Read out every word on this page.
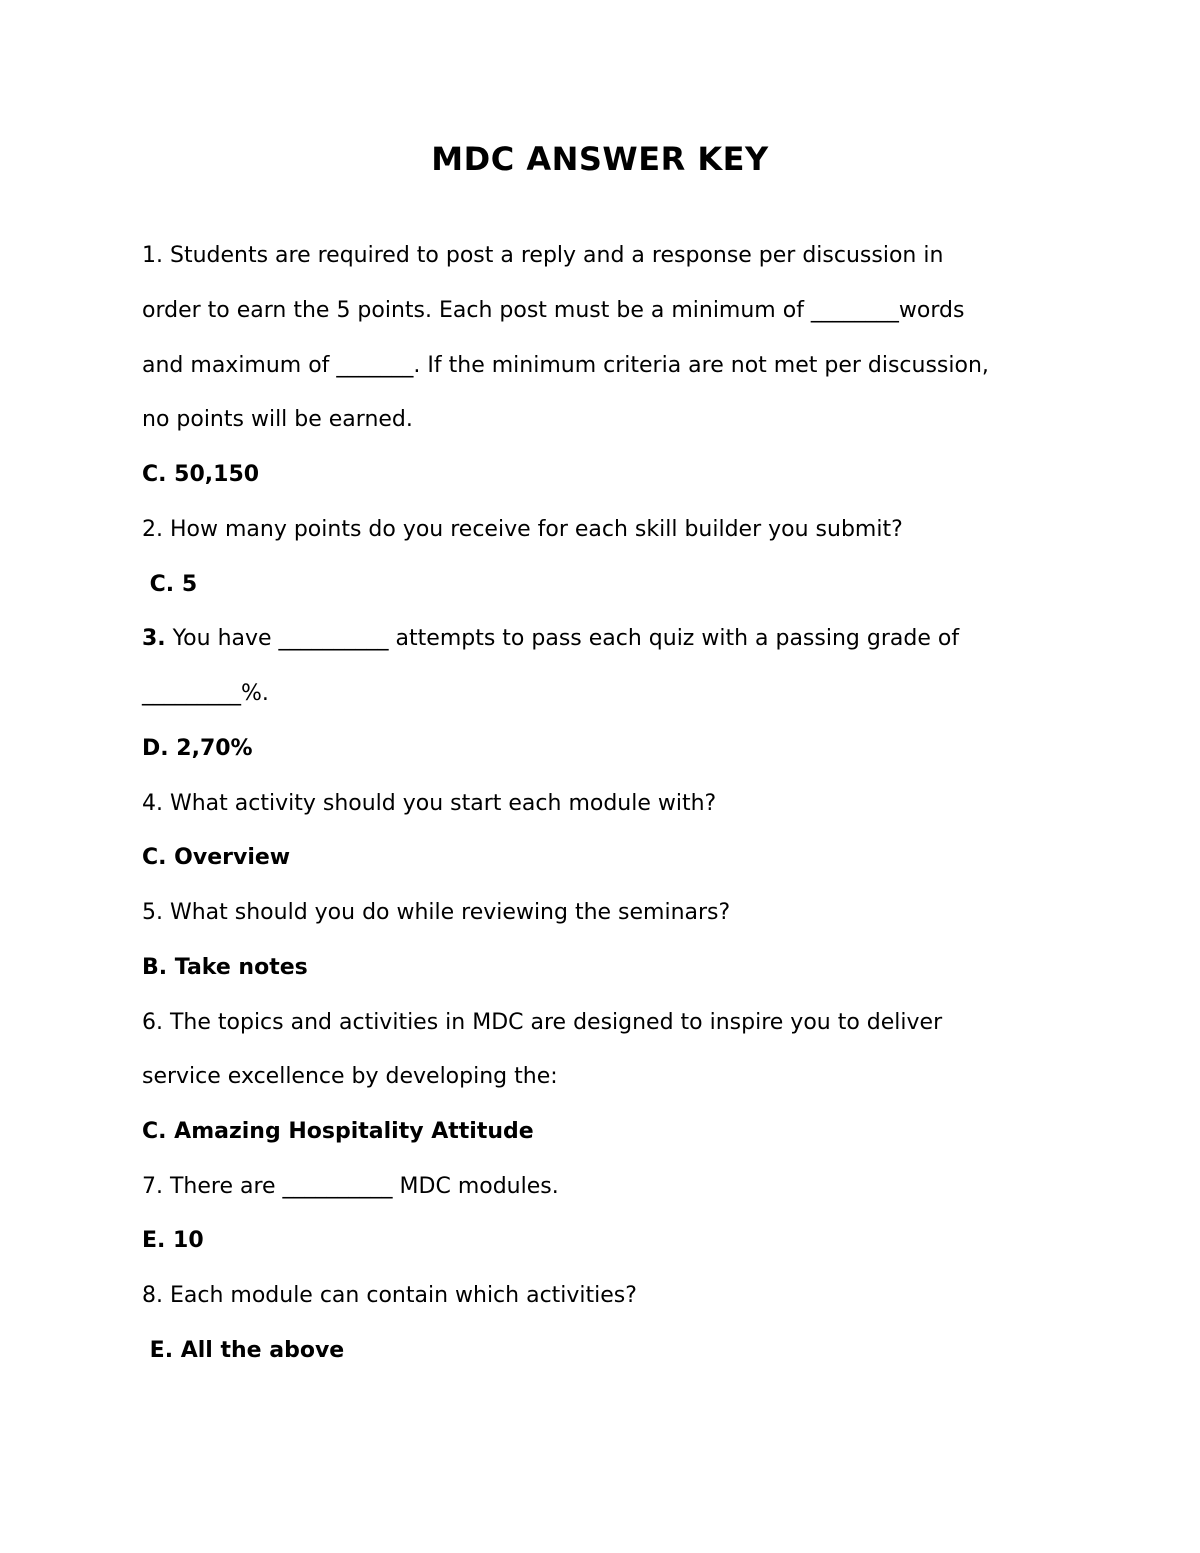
MDC ANSWER KEY
1. Students are required to post a reply and a response per discussion in
order to earn the 5 points. Each post must be a minimum of ________words
and maximum of _______. If the minimum criteria are not met per discussion,
no points will be earned.
C. 50,150
2. How many points do you receive for each skill builder you submit?
C. 5
3. You have __________ attempts to pass each quiz with a passing grade of
_________%.
D. 2,70%
4. What activity should you start each module with?
C. Overview
5. What should you do while reviewing the seminars?
B. Take notes
6. The topics and activities in MDC are designed to inspire you to deliver
service excellence by developing the:
C. Amazing Hospitality Attitude
7. There are __________ MDC modules.
E. 10
8. Each module can contain which activities?
E. All the above
